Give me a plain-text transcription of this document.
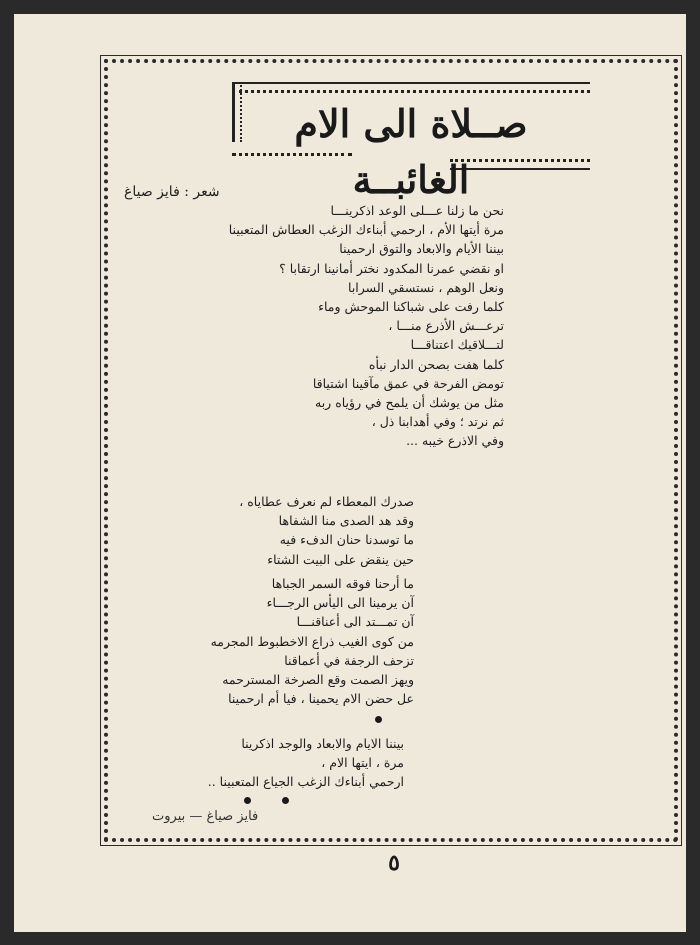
صــلاة الى الام الغائبــة
شعر : فايز صياغ
نحن ما زلنا عـــلى الوعد اذكرينـــا
مرة أيتها الأم ، ارحمي أبناءك الزغب العطاش المتعبينا
بيننا الأيام والابعاد والتوق ارحمينا
او نقضي عمرنا المكدود نختر أمانينا ارتقابا ؟
ونعل الوهم ، نستسقي السرابا
كلما رفت على شباكنا الموحش وماء
ترعـــش الأذرع منـــا ،
لتـــلاقيك اعتناقـــا
كلما هفت بصحن الدار نبأه
تومض الفرحة في عمق مآقينا اشتياقا
مثل من يوشك أن يلمح في رؤياه ربه
ثم نرتد ؛ وفي أهدابنا ذل ،
وفي الاذرع خيبه ...
صدرك المعطاء لم نعرف عطاياه ،
وقد هد الصدى منا الشفاها
ما توسدنا حنان الدفء فيه
حين ينقض على البيت الشتاء
ما أرحنا فوقه السمر الجباها
آن يرمينا الى اليأس الرجـــاء
آن تمـــتد الى أعناقنـــا
من كوى الغيب ذراع الاخطبوط المجرمه
تزحف الرجفة في أعماقنا
ويهز الصمت وقع الصرخة المسترحمه
عل حضن الام يحمينا ، فيا أم ارحمينا
بيننا الايام والابعاد والوجد اذكرينا
مرة ، ايتها الام ،
ارحمي أبناءك الزغب الجياع المتعبينا ..
فايز صياغ — بيروت
٥
